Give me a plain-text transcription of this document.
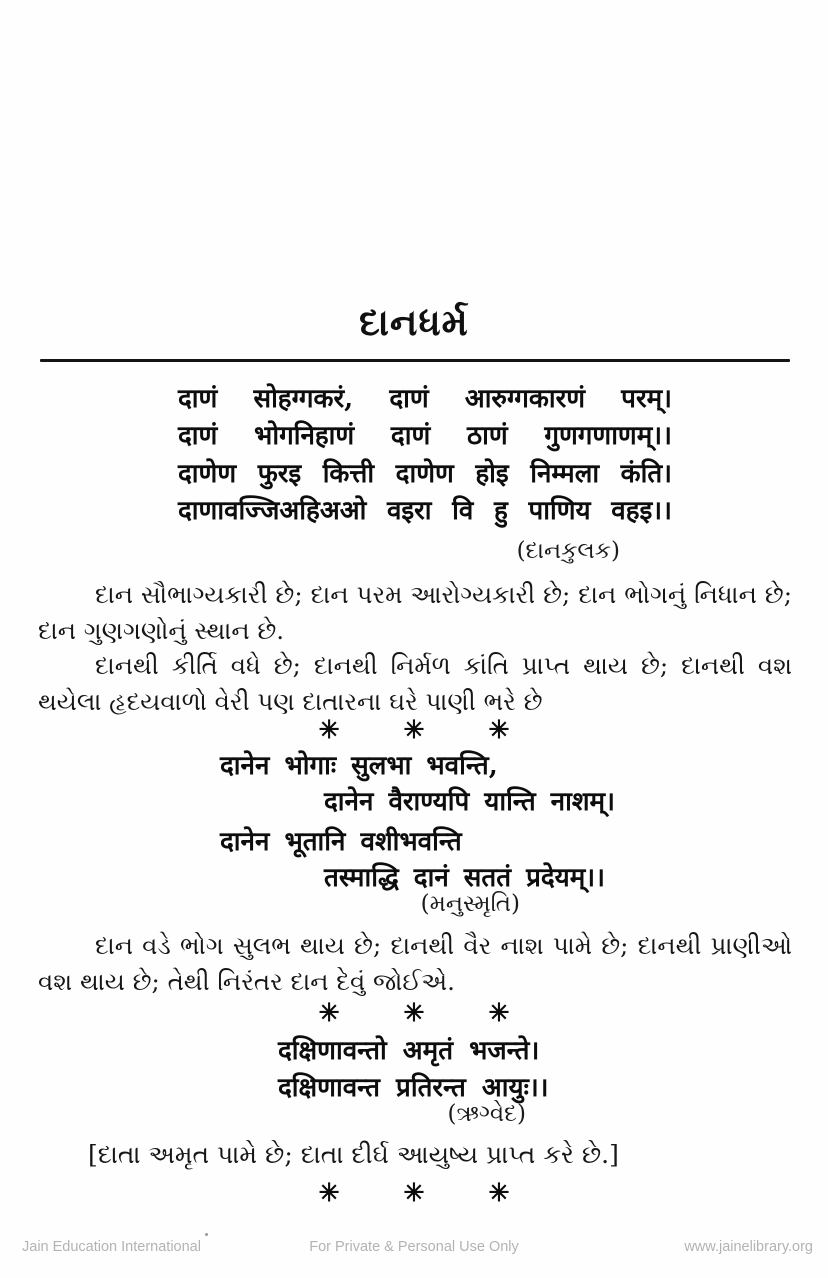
દાનધર્મ
दाणं सोहग्गकरं, दाणं आरुग्गकारणं परम्।
दाणं भोगनिहाणं दाणं ठाणं गुणगणाणम्।।
दाणेण फुरइ कित्ती दाणेण होइ निम्मला कंति।
दाणावज्जिअहिअओ वइरा वि हु पाणिय वहइ।।
(દાનકુલક)
દાન સૌભાગ્યકારી છે; દાન પરમ આરોગ્યકારી છે; દાન ભોગનું નિધાન છે; દાન ગુણગણોનું સ્થાન છે.
દાનથી કીર્તિ વધે છે; દાનથી નિર્મળ કાંતિ પ્રાપ્ત થાય છે; દાનથી વશ થયેલા હૃદયવાળો વેરી પણ દાતારના ઘરે પાણી ભરે છે
✳	✳	✳
दानेन भोगाः सुलभा भवन्ति,
दानेन वैराण्यपि यान्ति नाशम्।
दानेन भूतानि वशीभवन्ति
तस्माद्धि दानं सततं प्रदेयम्।।
(મનુસ્મૃતિ)
દાન વડે ભોગ સુલભ થાય છે; દાનથી વૈર નાશ પામે છે; દાનથી પ્રાણીઓ વશ થાય છે; તેથી નિરંતર દાન દેવું જોઈએ.
✳	✳	✳
दक्षिणावन्तो अमृतं भजन्ते।
दक्षिणावन्त प्रतिरन्त आयुः।।
(ઋગ્વેદ)
[દાતા અમૃત પામે છે; દાતા દીર્ઘ આયુષ્ય પ્રાપ્ત કરે છે.]
✳	✳	✳
Jain Education International	For Private & Personal Use Only	www.jainelibrary.org
